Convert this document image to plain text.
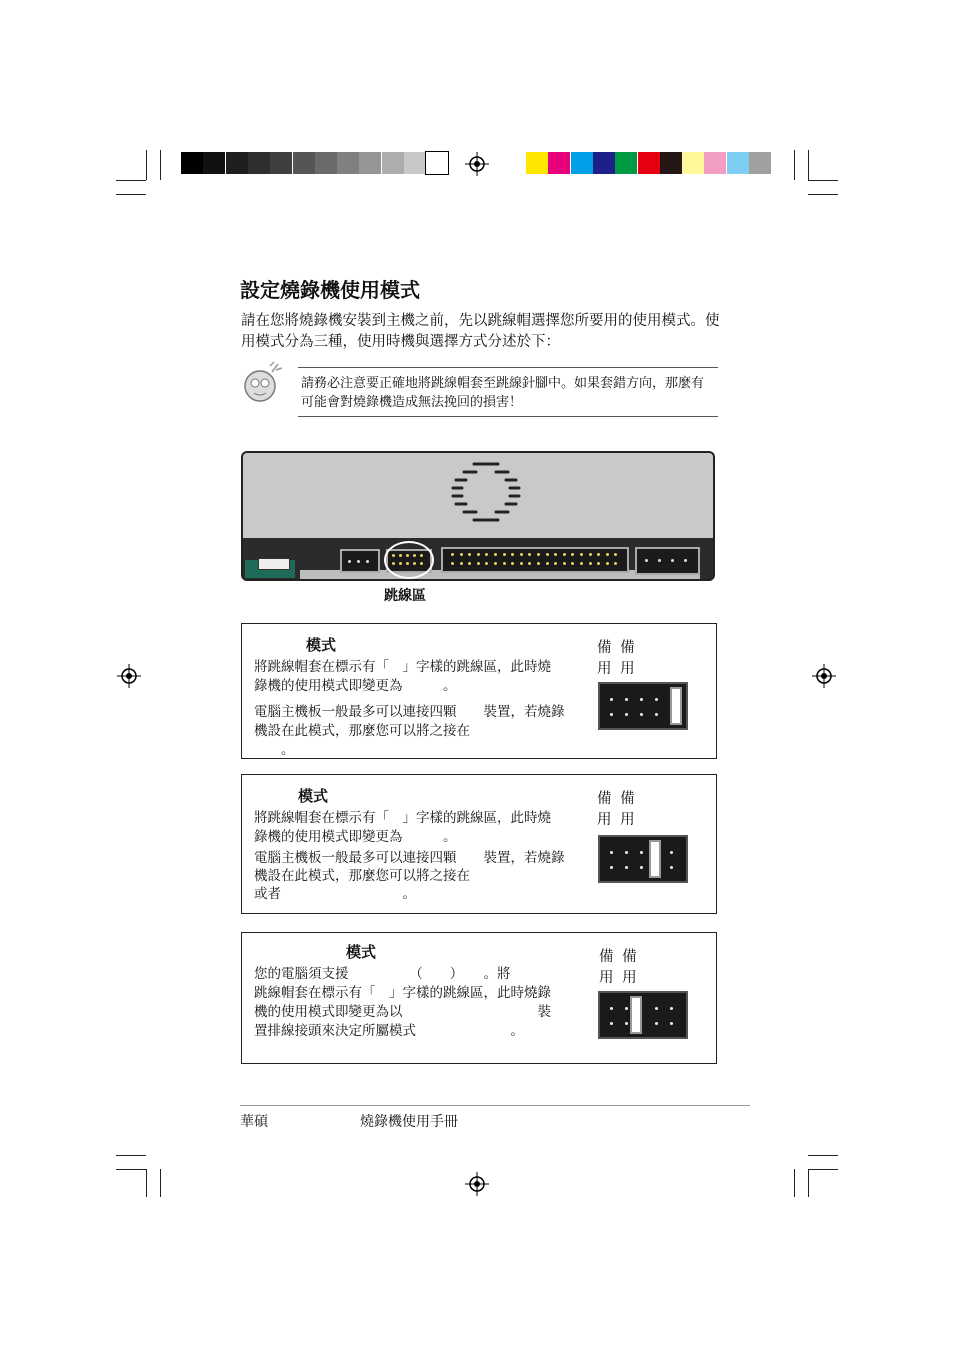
設定燒錄機使用模式
請在您將燒錄機安裝到主機之前，先以跳線帽選擇您所要用的使用模式。使用模式分為三種，使用時機與選擇方式分述於下：
請務必注意要正確地將跳線帽套至跳線針腳中。如果套錯方向，那麼有可能會對燒錄機造成無法挽回的損害！
跳線區
模式
將跳線帽套在標示有「　」字樣的跳線區，此時燒
錄機的使用模式即變更為　　　。
電腦主機板一般最多可以連接四顆　　裝置，若燒錄
機設在此模式，那麼您可以將之接在
　　。
備 備
用 用
模式
將跳線帽套在標示有「　」字樣的跳線區，此時燒
錄機的使用模式即變更為　　　。
電腦主機板一般最多可以連接四顆　　裝置，若燒錄
機設在此模式，那麼您可以將之接在
或者　　　　　　　　　。
備 備
用 用
模式
您的電腦須支援　　　　　（　　）　　。將
跳線帽套在標示有「　」字樣的跳線區，此時燒錄
機的使用模式即變更為以　　　　　　　　　　裝
置排線接頭來決定所屬模式　　　　　　　。
備 備
用 用
華碩	燒錄機使用手冊
